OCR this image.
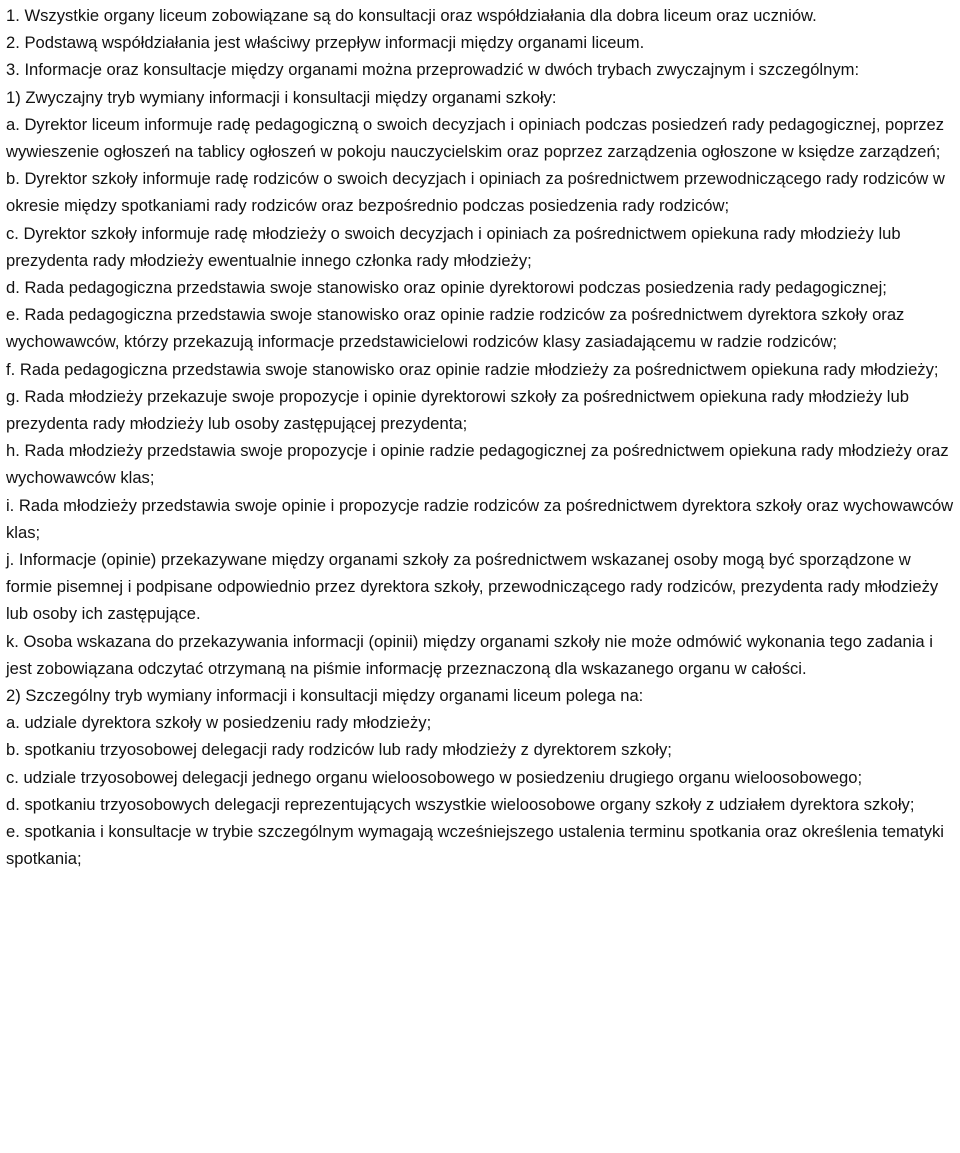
1. Wszystkie organy liceum zobowiązane są do konsultacji oraz współdziałania dla dobra liceum oraz uczniów.

2. Podstawą współdziałania jest właściwy przepływ informacji między organami liceum.

3. Informacje oraz konsultacje między organami można przeprowadzić w dwóch trybach zwyczajnym i szczególnym:

1) Zwyczajny tryb wymiany informacji i konsultacji między organami szkoły:

a. Dyrektor liceum informuje radę pedagogiczną o swoich decyzjach i opiniach podczas posiedzeń rady pedagogicznej, poprzez wywieszenie ogłoszeń na tablicy ogłoszeń w pokoju nauczycielskim oraz poprzez zarządzenia ogłoszone w księdze zarządzeń;

b. Dyrektor szkoły informuje radę rodziców o swoich decyzjach i opiniach za pośrednictwem przewodniczącego rady rodziców w okresie między spotkaniami rady rodziców oraz bezpośrednio podczas posiedzenia rady rodziców;

c. Dyrektor szkoły informuje radę młodzieży o swoich decyzjach i opiniach za pośrednictwem opiekuna rady młodzieży lub prezydenta rady młodzieży ewentualnie innego członka rady młodzieży;

d. Rada pedagogiczna przedstawia swoje stanowisko oraz opinie dyrektorowi podczas posiedzenia rady pedagogicznej;

e. Rada pedagogiczna przedstawia swoje stanowisko oraz opinie radzie rodziców za pośrednictwem dyrektora szkoły oraz wychowawców, którzy przekazują informacje przedstawicielowi rodziców klasy zasiadającemu w radzie rodziców;

f. Rada pedagogiczna przedstawia swoje stanowisko oraz opinie radzie młodzieży za pośrednictwem opiekuna rady młodzieży;

g. Rada młodzieży przekazuje swoje propozycje i opinie dyrektorowi szkoły za pośrednictwem opiekuna rady młodzieży lub prezydenta rady młodzieży lub osoby zastępującej prezydenta;

h. Rada młodzieży przedstawia swoje propozycje i opinie radzie pedagogicznej za pośrednictwem opiekuna rady młodzieży oraz wychowawców klas;

i. Rada młodzieży przedstawia swoje opinie i propozycje radzie rodziców za pośrednictwem dyrektora szkoły oraz wychowawców klas;

j. Informacje (opinie) przekazywane między organami szkoły za pośrednictwem wskazanej osoby mogą być sporządzone w formie pisemnej i podpisane odpowiednio przez dyrektora szkoły, przewodniczącego rady rodziców, prezydenta rady młodzieży lub osoby ich zastępujące.

k. Osoba wskazana do przekazywania informacji (opinii) między organami szkoły nie może odmówić wykonania tego zadania i jest zobowiązana odczytać otrzymaną na piśmie informację przeznaczoną dla wskazanego organu w całości.

2) Szczególny tryb wymiany informacji i konsultacji między organami liceum polega na:

a. udziale dyrektora szkoły w posiedzeniu rady młodzieży;

b. spotkaniu trzyosobowej delegacji rady rodziców lub rady młodzieży z dyrektorem szkoły;

c. udziale trzyosobowej delegacji jednego organu wieloosobowego w posiedzeniu drugiego organu wieloosobowego;

d. spotkaniu trzyosobowych delegacji reprezentujących wszystkie wieloosobowe organy szkoły z udziałem dyrektora szkoły;

e. spotkania i konsultacje w trybie szczególnym wymagają wcześniejszego ustalenia terminu spotkania oraz określenia tematyki spotkania;
